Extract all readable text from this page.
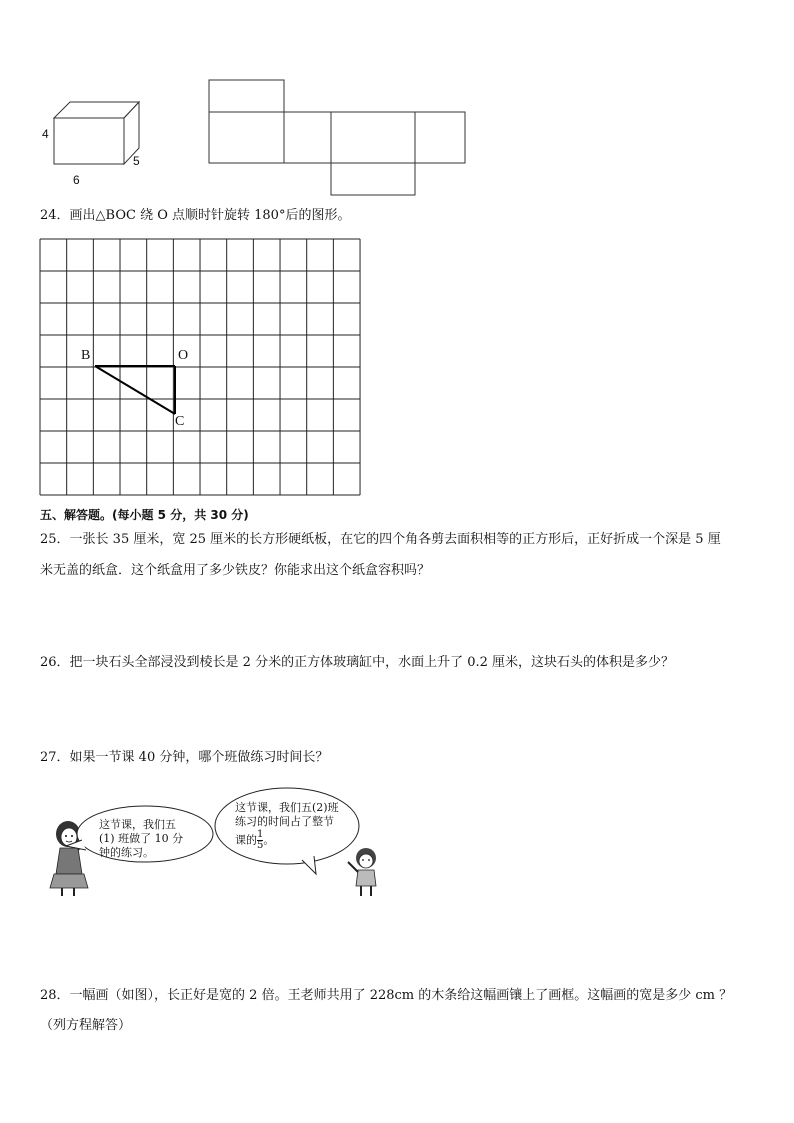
4
6
5
24．画出△BOC 绕 O 点顺时针旋转 180°后的图形。
B	O
C
五、解答题。(每小题 5 分，共 30 分)
25．一张长 35 厘米，宽 25 厘米的长方形硬纸板，在它的四个角各剪去面积相等的正方形后，正好折成一个深是 5 厘
米无盖的纸盒．这个纸盒用了多少铁皮？你能求出这个纸盒容积吗？
26．把一块石头全部浸没到棱长是 2 分米的正方体玻璃缸中，水面上升了 0.2 厘米，这块石头的体积是多少？
27．如果一节课 40 分钟，哪个班做练习时间长？
这节课，我们五
(1) 班做了 10 分
钟的练习。
这节课，我们五(2)班
练习的时间占了整节
课的 $\frac{1}{5}$ 。
28．一幅画（如图），长正好是宽的 2 倍。王老师共用了 228cm 的木条给这幅画镶上了画框。这幅画的宽是多少 cm ？
（列方程解答）
